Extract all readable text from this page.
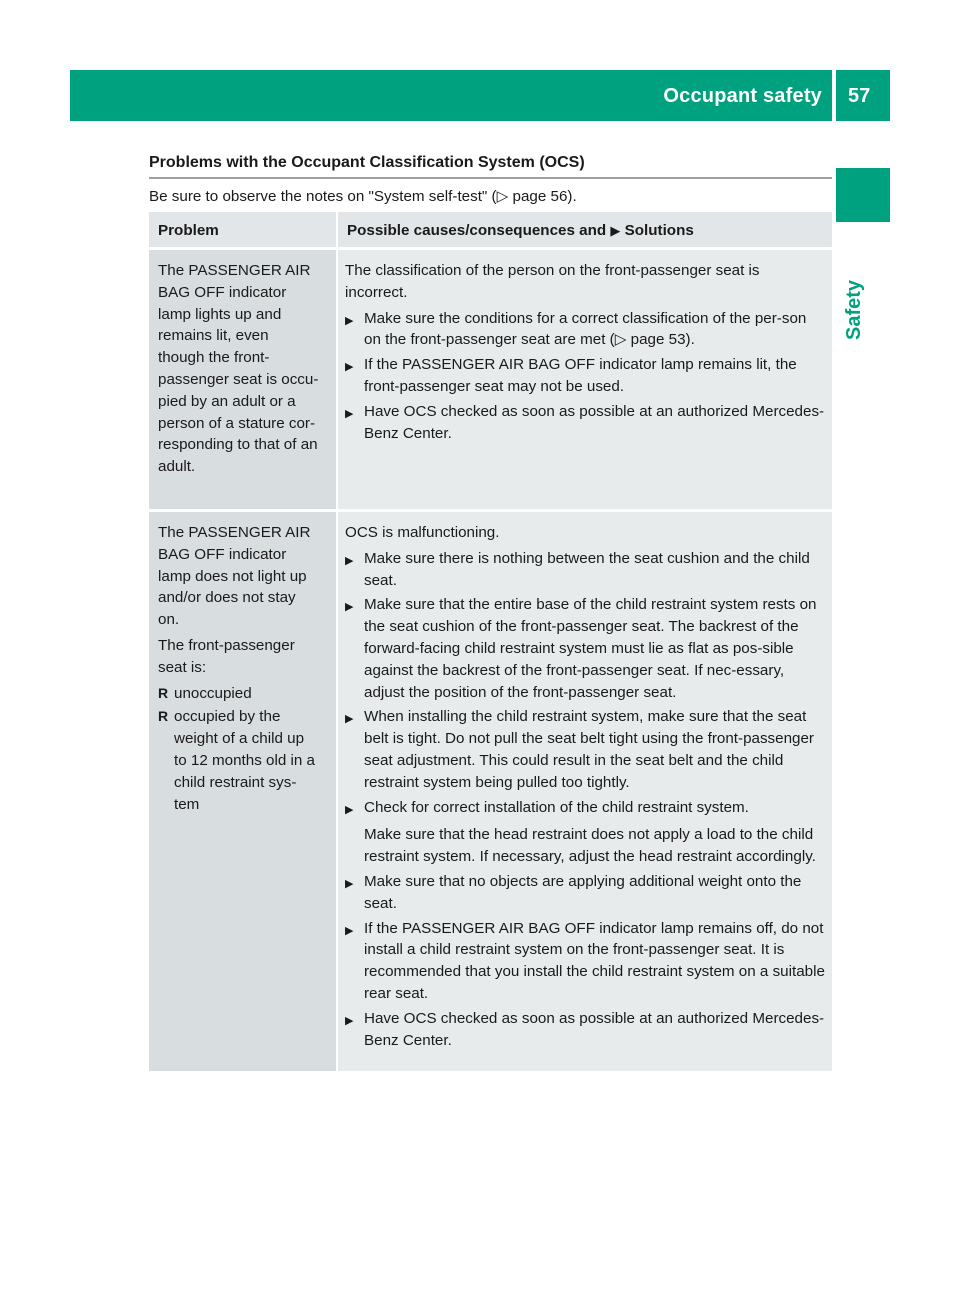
Occupant safety 57
Safety
Problems with the Occupant Classification System (OCS)
Be sure to observe the notes on "System self-test" (▷ page 56).
Problem	Possible causes/consequences and ▶ Solutions
The PASSENGER AIR
BAG OFF indicator
lamp lights up and
remains lit, even
though the front-
passenger seat is occu-
pied by an adult or a
person of a stature cor-
responding to that of an
adult.
The classification of the person on the front-passenger seat is incorrect.
▶ Make sure the conditions for a correct classification of the per-son on the front-passenger seat are met (▷ page 53).
▶ If the PASSENGER AIR BAG OFF indicator lamp remains lit, the front-passenger seat may not be used.
▶ Have OCS checked as soon as possible at an authorized Mercedes-Benz Center.
The PASSENGER AIR
BAG OFF indicator
lamp does not light up
and/or does not stay
on.
The front-passenger
seat is:
R unoccupied
R occupied by the
weight of a child up
to 12 months old in a
child restraint sys-
tem
OCS is malfunctioning.
▶ Make sure there is nothing between the seat cushion and the child seat.
▶ Make sure that the entire base of the child restraint system rests on the seat cushion of the front-passenger seat. The backrest of the forward-facing child restraint system must lie as flat as pos-sible against the backrest of the front-passenger seat. If nec-essary, adjust the position of the front-passenger seat.
▶ When installing the child restraint system, make sure that the seat belt is tight. Do not pull the seat belt tight using the front-passenger seat adjustment. This could result in the seat belt and the child restraint system being pulled too tightly.
▶ Check for correct installation of the child restraint system.
Make sure that the head restraint does not apply a load to the child restraint system. If necessary, adjust the head restraint accordingly.
▶ Make sure that no objects are applying additional weight onto the seat.
▶ If the PASSENGER AIR BAG OFF indicator lamp remains off, do not install a child restraint system on the front-passenger seat. It is recommended that you install the child restraint system on a suitable rear seat.
▶ Have OCS checked as soon as possible at an authorized Mercedes-Benz Center.
